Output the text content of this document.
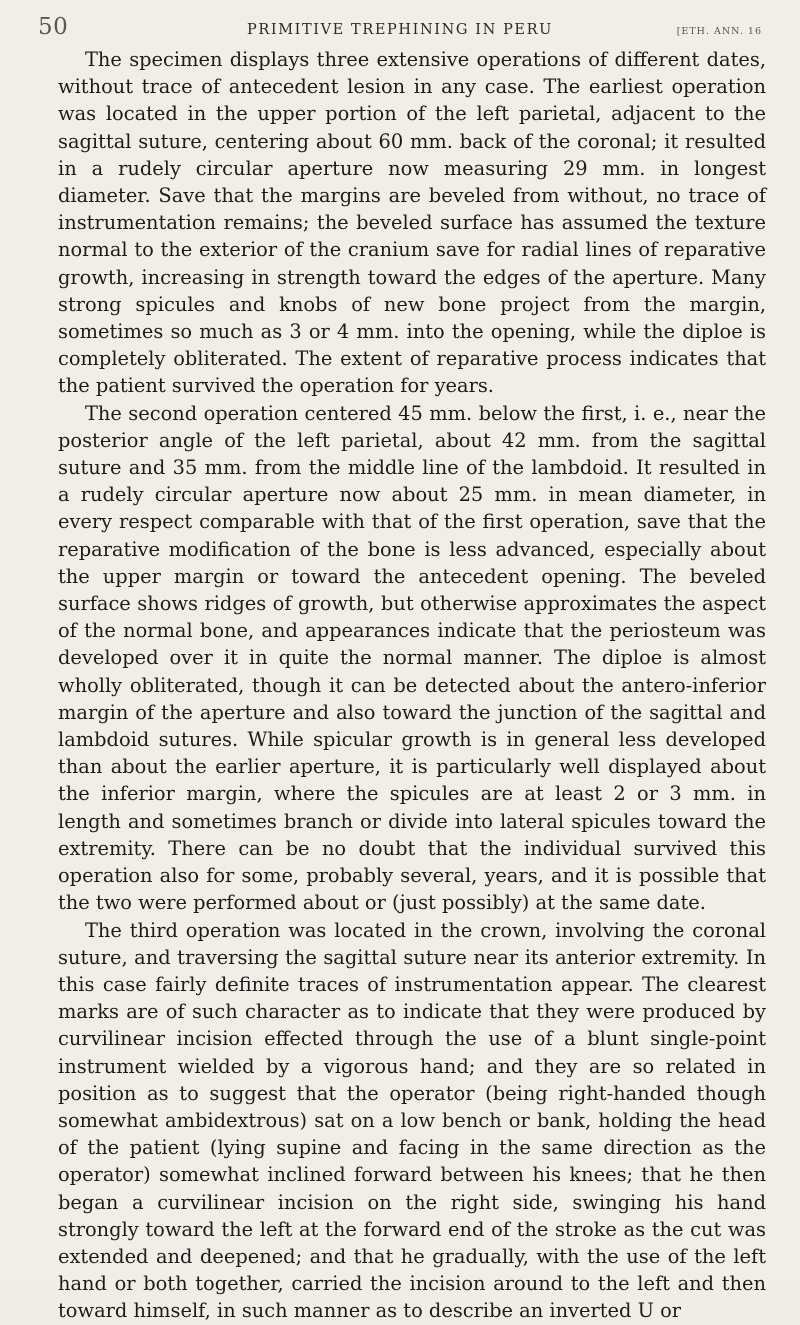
50	PRIMITIVE TREPHINING IN PERU	[ETH. ANN. 16

The specimen displays three extensive operations of different dates, without trace of antecedent lesion in any case. The earliest operation was located in the upper portion of the left parietal, adjacent to the sagittal suture, centering about 60 mm. back of the coronal; it resulted in a rudely circular aperture now measuring 29 mm. in longest diameter. Save that the margins are beveled from without, no trace of instrumentation remains; the beveled surface has assumed the texture normal to the exterior of the cranium save for radial lines of reparative growth, increasing in strength toward the edges of the aperture. Many strong spicules and knobs of new bone project from the margin, sometimes so much as 3 or 4 mm. into the opening, while the diploe is completely obliterated. The extent of reparative process indicates that the patient survived the operation for years.

The second operation centered 45 mm. below the first, i. e., near the posterior angle of the left parietal, about 42 mm. from the sagittal suture and 35 mm. from the middle line of the lambdoid. It resulted in a rudely circular aperture now about 25 mm. in mean diameter, in every respect comparable with that of the first operation, save that the reparative modification of the bone is less advanced, especially about the upper margin or toward the antecedent opening. The beveled surface shows ridges of growth, but otherwise approximates the aspect of the normal bone, and appearances indicate that the periosteum was developed over it in quite the normal manner. The diploe is almost wholly obliterated, though it can be detected about the antero-inferior margin of the aperture and also toward the junction of the sagittal and lambdoid sutures. While spicular growth is in general less developed than about the earlier aperture, it is particularly well displayed about the inferior margin, where the spicules are at least 2 or 3 mm. in length and sometimes branch or divide into lateral spicules toward the extremity. There can be no doubt that the individual survived this operation also for some, probably several, years, and it is possible that the two were performed about or (just possibly) at the same date.

The third operation was located in the crown, involving the coronal suture, and traversing the sagittal suture near its anterior extremity. In this case fairly definite traces of instrumentation appear. The clearest marks are of such character as to indicate that they were produced by curvilinear incision effected through the use of a blunt single-point instrument wielded by a vigorous hand; and they are so related in position as to suggest that the operator (being right-handed though somewhat ambidextrous) sat on a low bench or bank, holding the head of the patient (lying supine and facing in the same direction as the operator) somewhat inclined forward between his knees; that he then began a curvilinear incision on the right side, swinging his hand strongly toward the left at the forward end of the stroke as the cut was extended and deepened; and that he gradually, with the use of the left hand or both together, carried the incision around to the left and then toward himself, in such manner as to describe an inverted U or
